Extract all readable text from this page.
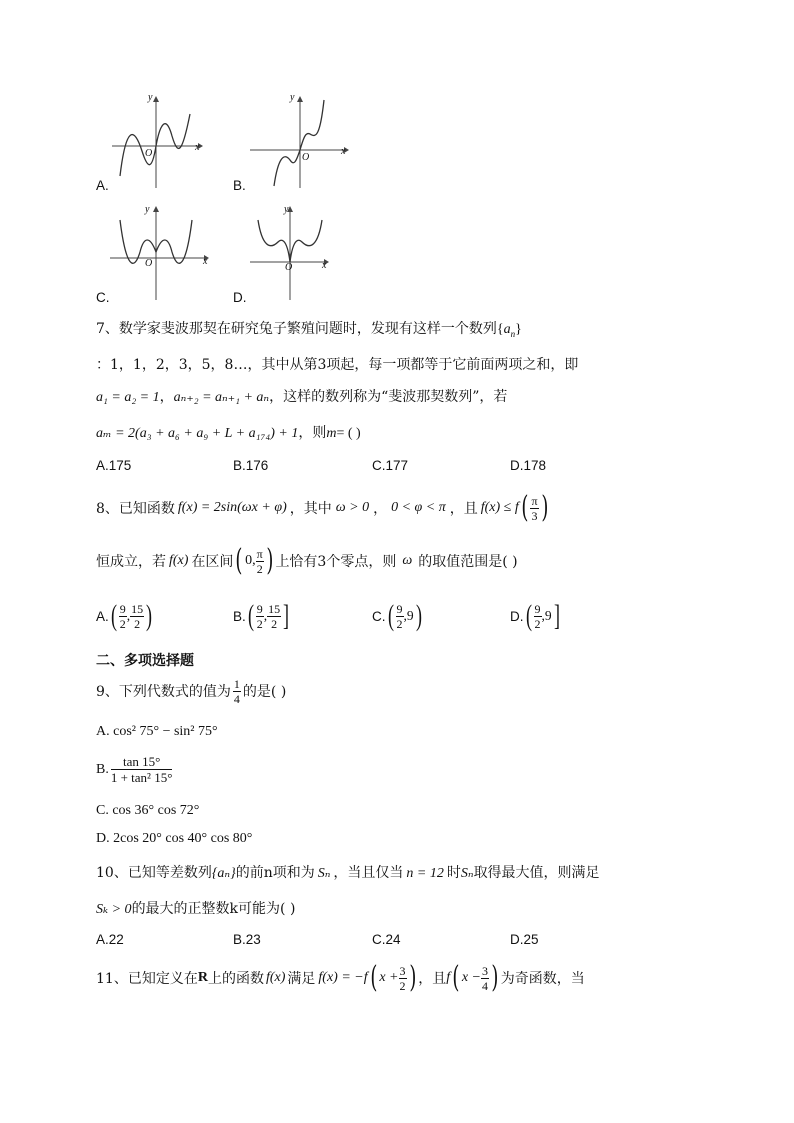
y
x
O
A.
y
x
O
B.
y
x
O
C.
y
x
O
D.
7、数学家斐波那契在研究兔子繁殖问题时，发现有这样一个数列$\{a_n\}$
：1，1，2，3，5，8…，其中从第3项起，每一项都等于它前面两项之和，即
a₁ = a₂ = 1，aₙ₊₂ = aₙ₊₁ + aₙ，这样的数列称为“斐波那契数列”，若
aₘ = 2(a₃ + a₆ + a₉ + L + a₁₇₄) + 1，则m= ( )
A.175	B.176	C.177	D.178
8、 已知函数 f(x) = 2sin(ωx + φ) ，其中 ω > 0 ， 0 < φ < π ，且 f(x) ≤ f ( $\frac{\pi}{3}$ )
恒成立，若 f(x) 在区间 ( 0, $\frac{\pi}{2}$ ) 上恰有3个零点，则 ω 的取值范围是( )
A. ( $\frac{9}{2}$ , $\frac{15}{2}$ )	B. ( $\frac{9}{2}$ , $\frac{15}{2}$ ]	C. ( $\frac{9}{2}$ , 9 )	D. ( $\frac{9}{2}$ , 9 ]
二、多项选择题
9、 下列代数式的值为 $\frac{1}{4}$ 的是( )
A. cos² 75° − sin² 75°
B. $\frac{\tan 15^\circ}{\text{1 + tan² 15°}}$
C. cos 36° cos 72°
D. 2cos 20° cos 40° cos 80°
10、已知等差数列{aₙ}的前n项和为 Sₙ ，当且仅当 n = 12 时Sₙ取得最大值，则满足
Sₖ > 0的最大的正整数k可能为( )
A.22	B.23	C.24	D.25
11、 已知定义在 R 上的函数 f(x) 满足 f(x) = −f ( $x + \frac{3}{2}$ ) ，且 f ( $x - \frac{3}{4}$ ) 为奇函数，当
